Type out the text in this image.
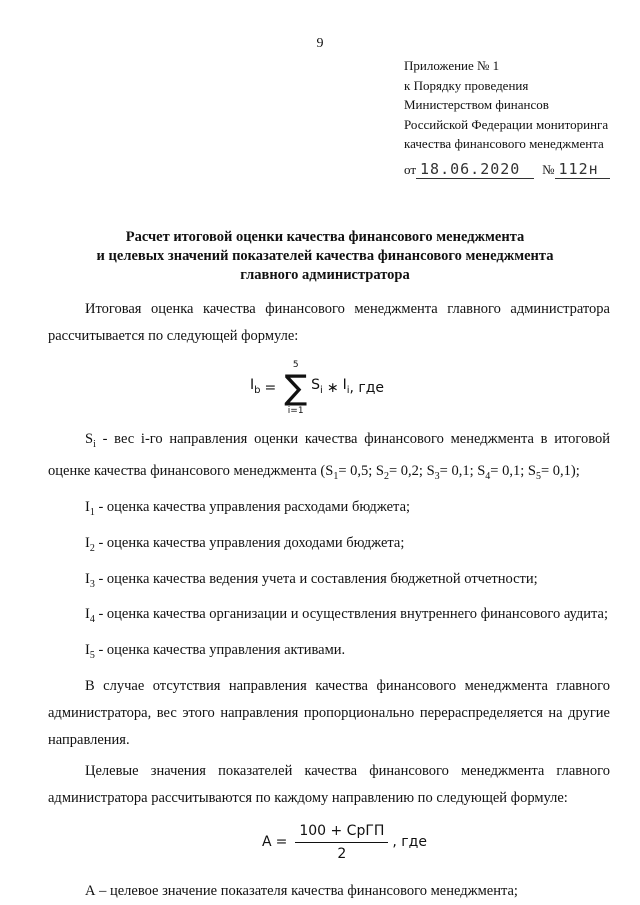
9
Приложение № 1
к Порядку проведения
Министерством финансов
Российской Федерации мониторинга
качества финансового менеджмента
от 18.06.2020	№ 112н
Расчет итоговой оценки качества финансового менеджмента
и целевых значений показателей качества финансового менеджмента
главного администратора

Итоговая оценка качества финансового менеджмента главного администратора рассчитывается по следующей формуле:

$I_b$ =
5
∑
i=1
$S_i$ ∗ $I_i$ , где

$S_i$ - вес i-го направления оценки качества финансового менеджмента в итоговой оценке качества финансового менеджмента ($S_1= 0,5$; $S_2= 0,2$; $S_3= 0,1$; $S_4= 0,1$; $S_5= 0,1$);

$I_1$ - оценка качества управления расходами бюджета;

$I_2$ - оценка качества управления доходами бюджета;

$I_3$ - оценка качества ведения учета и составления бюджетной отчетности;

$I_4$ - оценка качества организации и осуществления внутреннего финансового аудита;

$I_5$ - оценка качества управления активами.

В случае отсутствия направления качества финансового менеджмента главного администратора, вес этого направления пропорционально перераспределяется на другие направления.

Целевые значения показателей качества финансового менеджмента главного администратора рассчитываются по каждому направлению по следующей формуле:

$A = \frac{\text{100 + СрГП}}{2}$ , где

А – целевое значение показателя качества финансового менеджмента;
